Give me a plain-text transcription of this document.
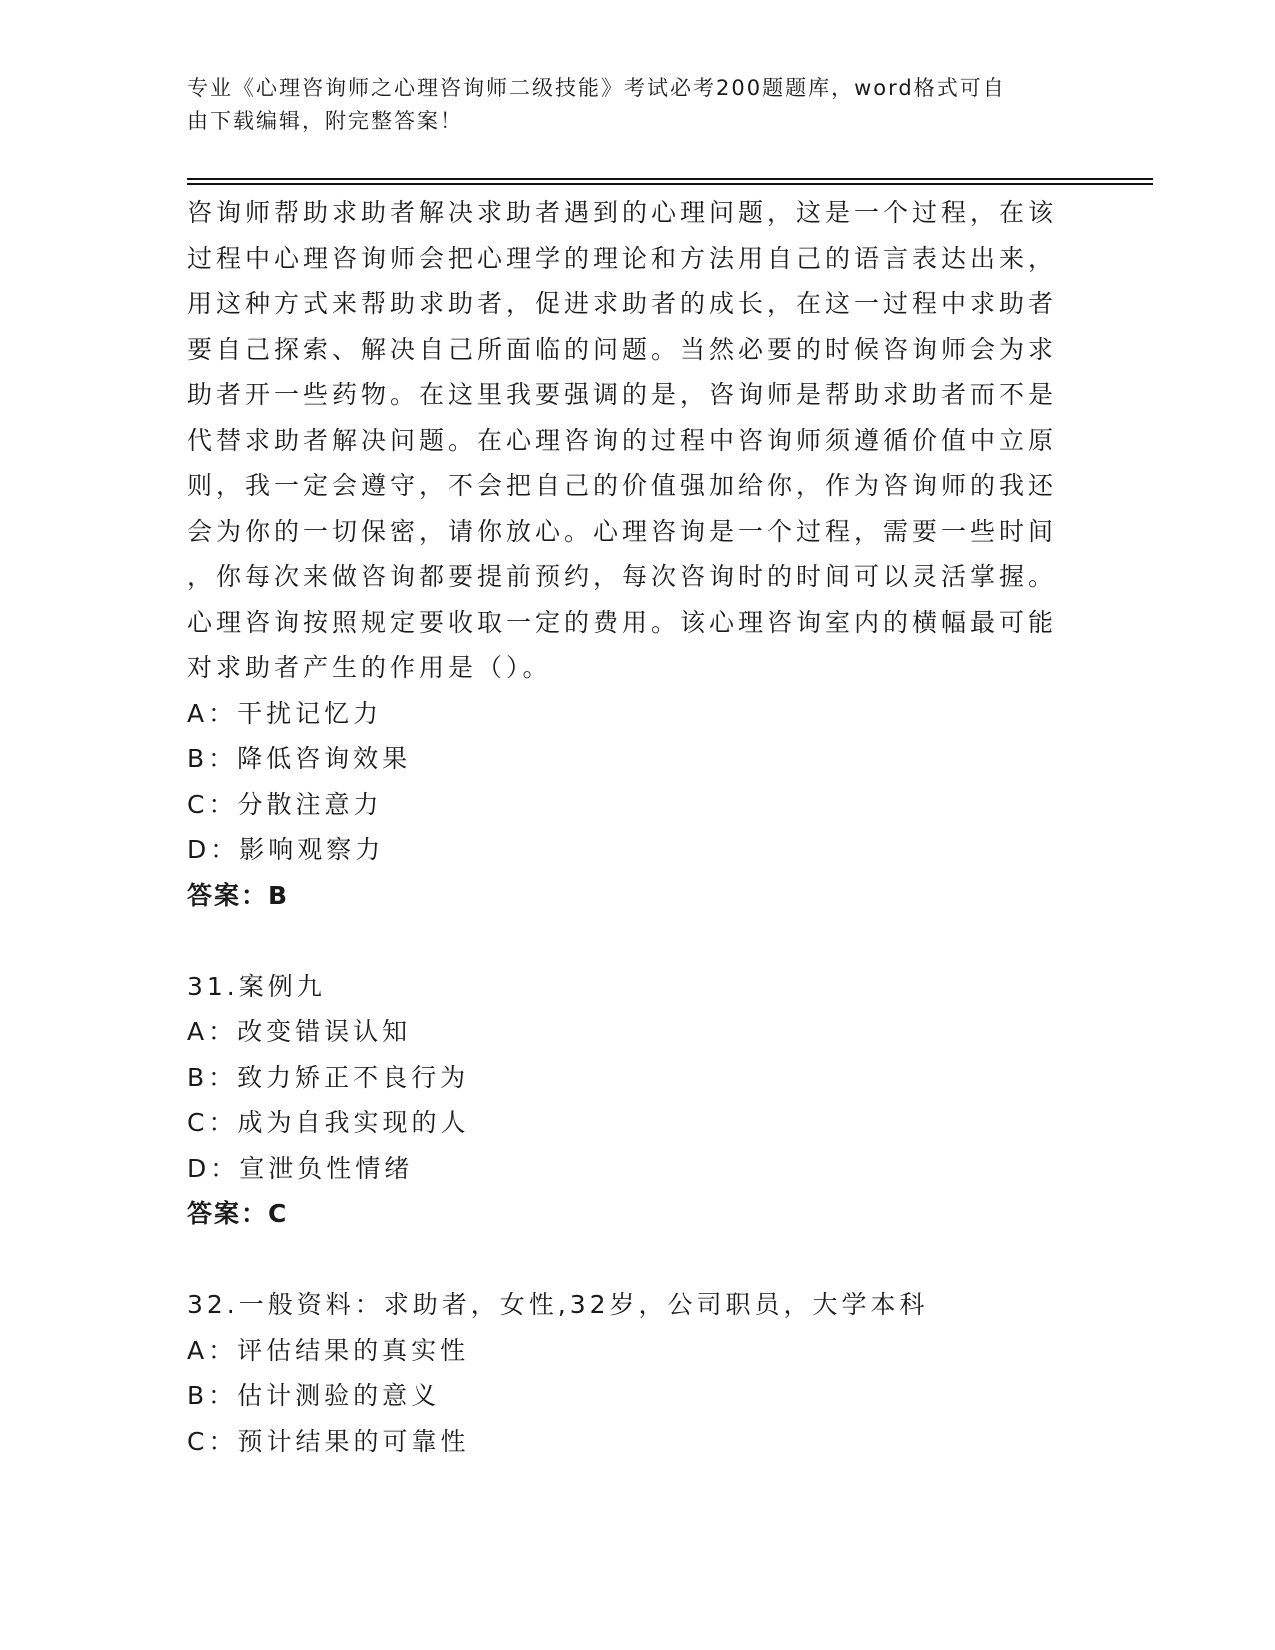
专业《心理咨询师之心理咨询师二级技能》考试必考200题题库，word格式可自
由下载编辑，附完整答案！
咨询师帮助求助者解决求助者遇到的心理问题，这是一个过程，在该
过程中心理咨询师会把心理学的理论和方法用自己的语言表达出来，
用这种方式来帮助求助者，促进求助者的成长，在这一过程中求助者
要自己探索、解决自己所面临的问题。当然必要的时候咨询师会为求
助者开一些药物。在这里我要强调的是，咨询师是帮助求助者而不是
代替求助者解决问题。在心理咨询的过程中咨询师须遵循价值中立原
则，我一定会遵守，不会把自己的价值强加给你，作为咨询师的我还
会为你的一切保密，请你放心。心理咨询是一个过程，需要一些时间
，你每次来做咨询都要提前预约，每次咨询时的时间可以灵活掌握。
心理咨询按照规定要收取一定的费用。该心理咨询室内的横幅最可能
对求助者产生的作用是（）。
A：干扰记忆力
B：降低咨询效果
C：分散注意力
D：影响观察力
答案：B
31.案例九
A：改变错误认知
B：致力矫正不良行为
C：成为自我实现的人
D：宣泄负性情绪
答案：C
32.一般资料：求助者，女性,32岁，公司职员，大学本科
A：评估结果的真实性
B：估计测验的意义
C：预计结果的可靠性
